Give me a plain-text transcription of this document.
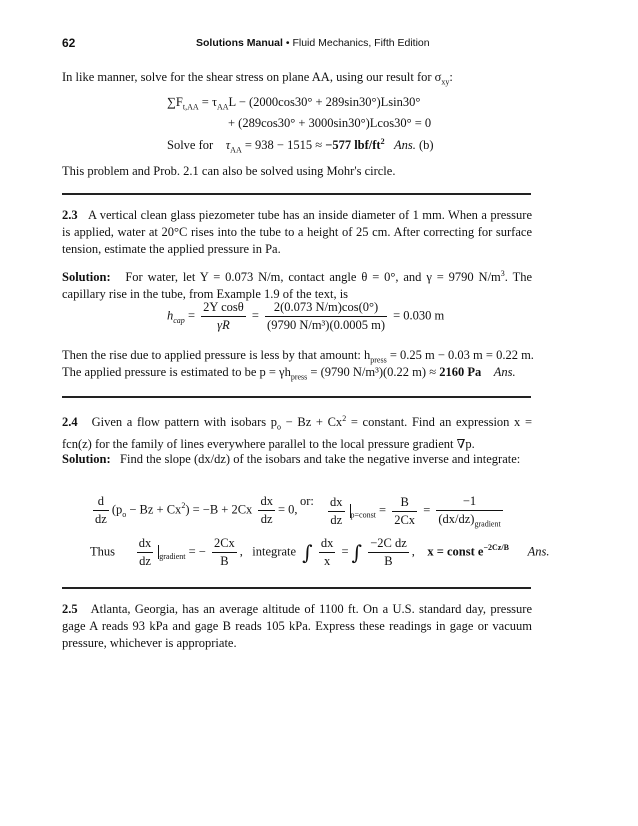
62	Solutions Manual • Fluid Mechanics, Fifth Edition

In like manner, solve for the shear stress on plane AA, using our result for $\sigma_{xy}$:

$\sum F_{t,AA} = \tau_{AA}L - (2000\cos 30^\circ + 289\sin 30^\circ)Lsin30^\circ$
+ (289cos30° + 3000sin30°)Lcos30° = 0
Solve for $\tau_{AA} = 938 - 1515 \approx -577$ lbf/$ft^2$ Ans. (b)

This problem and Prob. 2.1 can also be solved using Mohr's circle.

2.3 A vertical clean glass piezometer tube has an inside diameter of 1 mm. When a pressure is applied, water at 20°C rises into the tube to a height of 25 cm. After correcting for surface tension, estimate the applied pressure in Pa.

Solution: For water, let Y = 0.073 N/m, contact angle θ = 0°, and γ = 9790 $N/m^3$. The capillary rise in the tube, from Example 1.9 of the text, is

$h_{cap} = \frac{\text{2Y cosθ}}{\gamma R} = \frac{2(0.073 N/m)\cos(0^\circ)}{\text{(9790 N/m³)(0.0005 m)}} = 0.030$ m

Then the rise due to applied pressure is less by that amount: $h_{press} = 0.25$ m − 0.03 m = 0.22 m.

The applied pressure is estimated to be $p = \gamma h_{press} = (9790$ N/m³)(0.22 m) ≈ 2160 Pa Ans.

2.4 Given a flow pattern with isobars $p_o - Bz + Cx^2$ = constant. Find an expression x = fcn(z) for the family of lines everywhere parallel to the local pressure gradient ∇p.

Solution: Find the slope (dx/dz) of the isobars and take the negative inverse and integrate:

$\frac{d}{dz} (p_o - Bz + Cx^2) = -B + 2Cx \frac{dx}{dz} = 0$,
or: $\frac{dx}{dz} _{p=const} = \frac{B}{2Cx} = \frac{-1}{(dx/dz)_{gradient}}$
Thus $\frac{dx}{dz} _{gradient}$ = − $\frac{2Cx}{B}$ ,   integrate ∫ $\frac{dx}{x}$ = ∫ $\frac{\text{−2C dz}}{B}$ ,    x = const $e^{-2Cz/B}$ Ans.

2.5 Atlanta, Georgia, has an average altitude of 1100 ft. On a U.S. standard day, pressure gage A reads 93 kPa and gage B reads 105 kPa. Express these readings in gage or vacuum pressure, whichever is appropriate.
